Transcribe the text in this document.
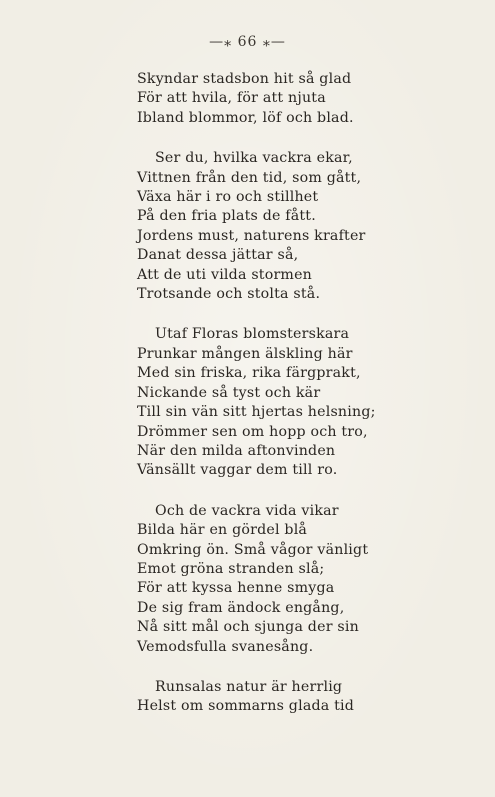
—⁎ 66 ⁎—
Skyndar stadsbon hit så glad
För att hvila, för att njuta
Ibland blommor, löf och blad.
Ser du, hvilka vackra ekar,
Vittnen från den tid, som gått,
Växa här i ro och stillhet
På den fria plats de fått.
Jordens must, naturens krafter
Danat dessa jättar så,
Att de uti vilda stormen
Trotsande och stolta stå.
Utaf Floras blomsterskara
Prunkar mången älskling här
Med sin friska, rika färgprakt,
Nickande så tyst och kär
Till sin vän sitt hjertas helsning;
Drömmer sen om hopp och tro,
När den milda aftonvinden
Vänsällt vaggar dem till ro.
Och de vackra vida vikar
Bilda här en gördel blå
Omkring ön. Små vågor vänligt
Emot gröna stranden slå;
För att kyssa henne smyga
De sig fram ändock engång,
Nå sitt mål och sjunga der sin
Vemodsfulla svanesång.
Runsalas natur är herrlig
Helst om sommarns glada tid
